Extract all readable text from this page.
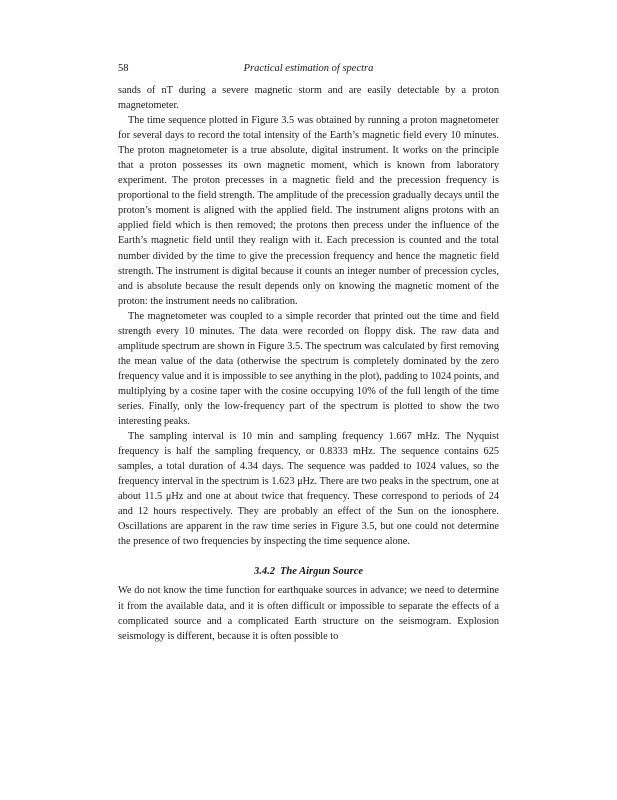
58	Practical estimation of spectra

sands of nT during a severe magnetic storm and are easily detectable by a proton magnetometer.

The time sequence plotted in Figure 3.5 was obtained by running a proton magnetometer for several days to record the total intensity of the Earth’s magnetic field every 10 minutes. The proton magnetometer is a true absolute, digital instrument. It works on the principle that a proton possesses its own magnetic moment, which is known from laboratory experiment. The proton precesses in a magnetic field and the precession frequency is proportional to the field strength. The amplitude of the precession gradually decays until the proton’s moment is aligned with the applied field. The instrument aligns protons with an applied field which is then removed; the protons then precess under the influence of the Earth’s magnetic field until they realign with it. Each precession is counted and the total number divided by the time to give the precession frequency and hence the magnetic field strength. The instrument is digital because it counts an integer number of precession cycles, and is absolute because the result depends only on knowing the magnetic moment of the proton: the instrument needs no calibration.

The magnetometer was coupled to a simple recorder that printed out the time and field strength every 10 minutes. The data were recorded on floppy disk. The raw data and amplitude spectrum are shown in Figure 3.5. The spectrum was calculated by first removing the mean value of the data (otherwise the spectrum is completely dominated by the zero frequency value and it is impossible to see anything in the plot), padding to 1024 points, and multiplying by a cosine taper with the cosine occupying 10% of the full length of the time series. Finally, only the low-frequency part of the spectrum is plotted to show the two interesting peaks.

The sampling interval is 10 min and sampling frequency 1.667 mHz. The Nyquist frequency is half the sampling frequency, or 0.8333 mHz. The sequence contains 625 samples, a total duration of 4.34 days. The sequence was padded to 1024 values, so the frequency interval in the spectrum is 1.623 μHz. There are two peaks in the spectrum, one at about 11.5 μHz and one at about twice that frequency. These correspond to periods of 24 and 12 hours respectively. They are probably an effect of the Sun on the ionosphere. Oscillations are apparent in the raw time series in Figure 3.5, but one could not determine the presence of two frequencies by inspecting the time sequence alone.

3.4.2 The Airgun Source

We do not know the time function for earthquake sources in advance; we need to determine it from the available data, and it is often difficult or impossible to separate the effects of a complicated source and a complicated Earth structure on the seismogram. Explosion seismology is different, because it is often possible to
